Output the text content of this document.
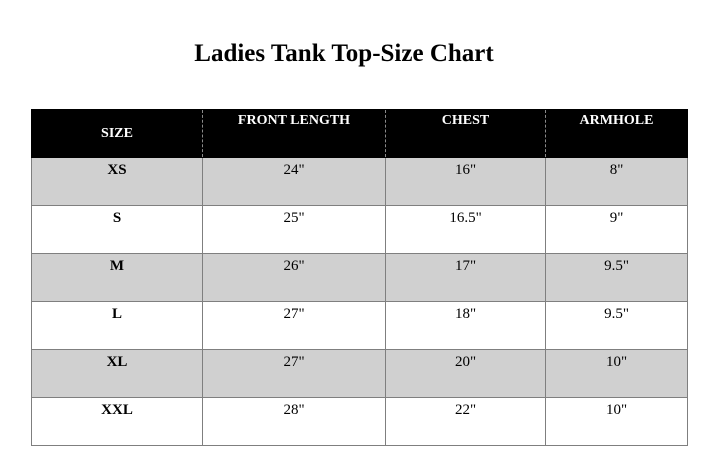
Ladies Tank Top-Size Chart
SIZE	FRONT LENGTH	CHEST	ARMHOLE
XS	24"	16"	8"
S	25"	16.5"	9"
M	26"	17"	9.5"
L	27"	18"	9.5"
XL	27"	20"	10"
XXL	28"	22"	10"
